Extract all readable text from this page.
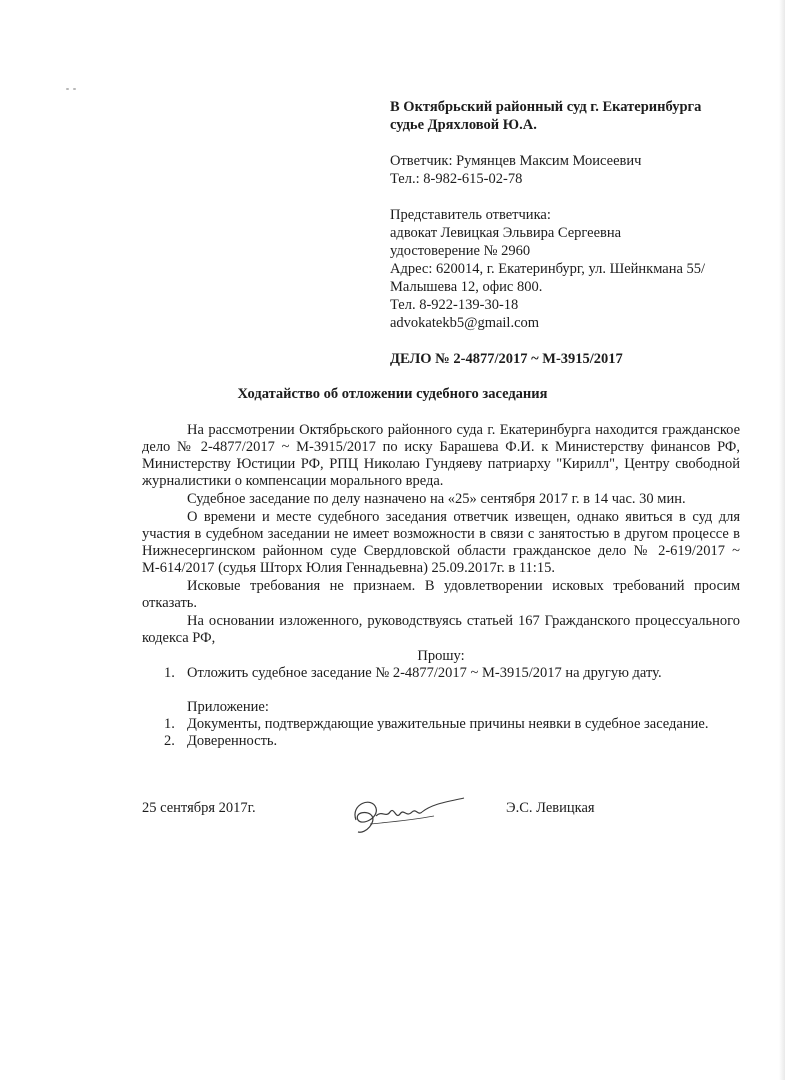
В Октябрьский районный суд г. Екатеринбурга
судье Дряхловой Ю.А.
Ответчик: Румянцев Максим Моисеевич
Тел.: 8-982-615-02-78
Представитель ответчика:
адвокат Левицкая Эльвира Сергеевна
удостоверение № 2960
Адрес: 620014, г. Екатеринбург, ул. Шейнкмана 55/
Малышева 12, офис 800.
Тел. 8-922-139-30-18
advokatekb5@gmail.com
ДЕЛО № 2-4877/2017 ~ М-3915/2017
Ходатайство об отложении судебного заседания

На рассмотрении Октябрьского районного суда г. Екатеринбурга находится гражданское дело № 2-4877/2017 ~ М-3915/2017 по иску Барашева Ф.И. к Министерству финансов РФ, Министерству Юстиции РФ, РПЦ Николаю Гундяеву патриарху "Кирилл", Центру свободной журналистики о компенсации морального вреда.

Судебное заседание по делу назначено на «25» сентября 2017 г. в 14 час. 30 мин.

О времени и месте судебного заседания ответчик извещен, однако явиться в суд для участия в судебном заседании не имеет возможности в связи с занятостью в другом процессе в Нижнесергинском районном суде Свердловской области гражданское дело № 2-619/2017 ~ М-614/2017 (судья Шторх Юлия Геннадьевна) 25.09.2017г. в 11:15.

Исковые требования не признаем. В удовлетворении исковых требований просим отказать.

На основании изложенного, руководствуясь статьей 167 Гражданского процессуального кодекса РФ,

Прошу:

1. Отложить судебное заседание № 2-4877/2017 ~ М-3915/2017 на другую дату.
Приложение:
1. Документы, подтверждающие уважительные причины неявки в судебное заседание.
2. Доверенность.
25 сентября 2017г.	Э.С. Левицкая
